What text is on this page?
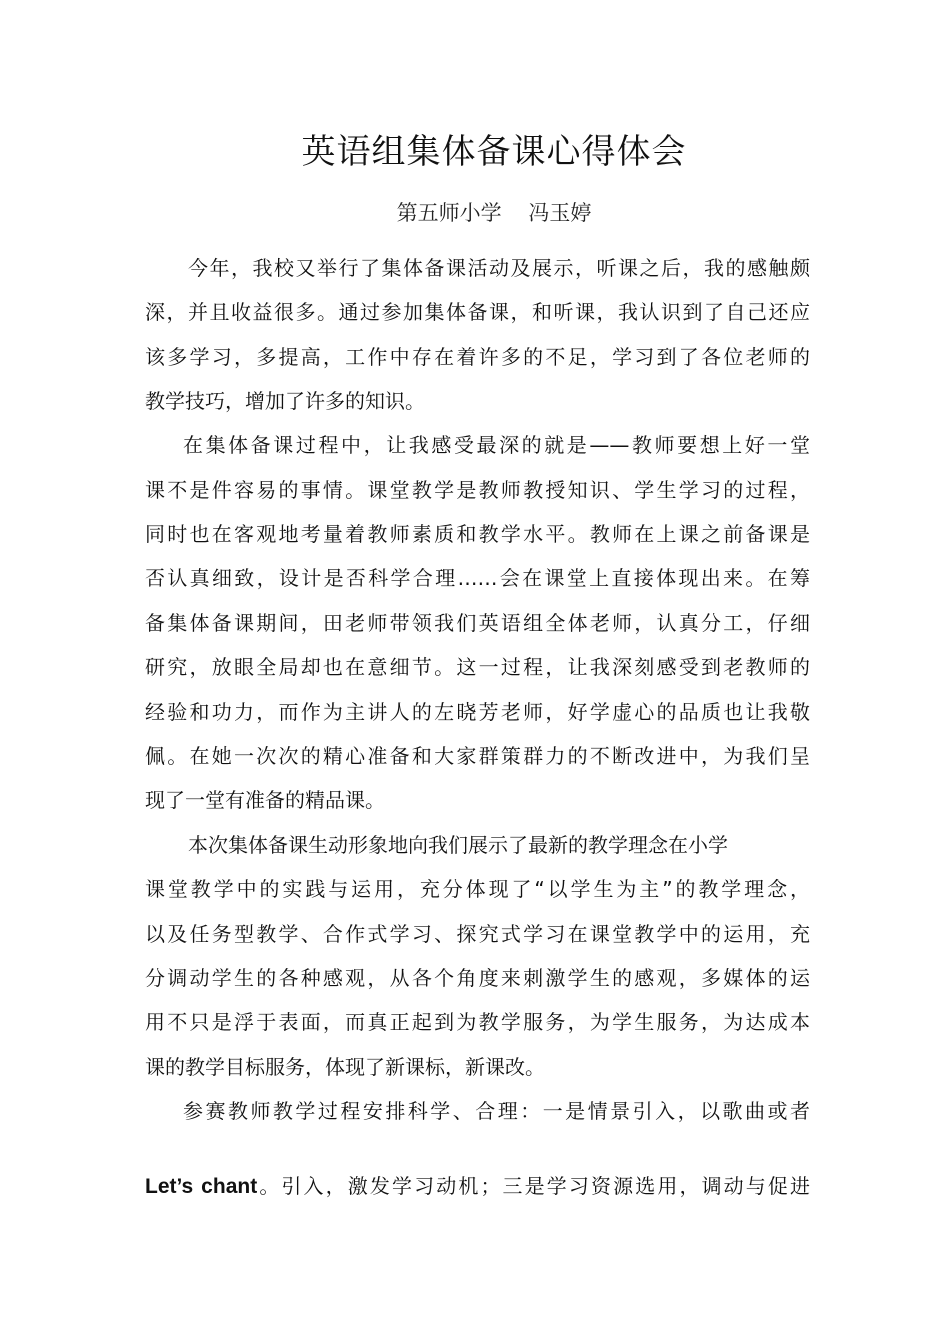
英语组集体备课心得体会
第五师小学    冯玉婷
今年，我校又举行了集体备课活动及展示，听课之后，我的感触颇
深，并且收益很多。通过参加集体备课，和听课，我认识到了自己还应
该多学习，多提高，工作中存在着许多的不足，学习到了各位老师的
教学技巧，增加了许多的知识。
在集体备课过程中，让我感受最深的就是——教师要想上好一堂
课不是件容易的事情。课堂教学是教师教授知识、学生学习的过程，
同时也在客观地考量着教师素质和教学水平。教师在上课之前备课是
否认真细致，设计是否科学合理……会在课堂上直接体现出来。在筹
备集体备课期间，田老师带领我们英语组全体老师，认真分工，仔细
研究，放眼全局却也在意细节。这一过程，让我深刻感受到老教师的
经验和功力，而作为主讲人的左晓芳老师，好学虚心的品质也让我敬
佩。在她一次次的精心准备和大家群策群力的不断改进中，为我们呈
现了一堂有准备的精品课。
本次集体备课生动形象地向我们展示了最新的教学理念在小学
课堂教学中的实践与运用，充分体现了“以学生为主”的教学理念，
以及任务型教学、合作式学习、探究式学习在课堂教学中的运用，充
分调动学生的各种感观，从各个角度来刺激学生的感观，多媒体的运
用不只是浮于表面，而真正起到为教学服务，为学生服务，为达成本
课的教学目标服务，体现了新课标，新课改。
参赛教师教学过程安排科学、合理：一是情景引入，以歌曲或者
Let’s chant。引入，激发学习动机；三是学习资源选用，调动与促进
